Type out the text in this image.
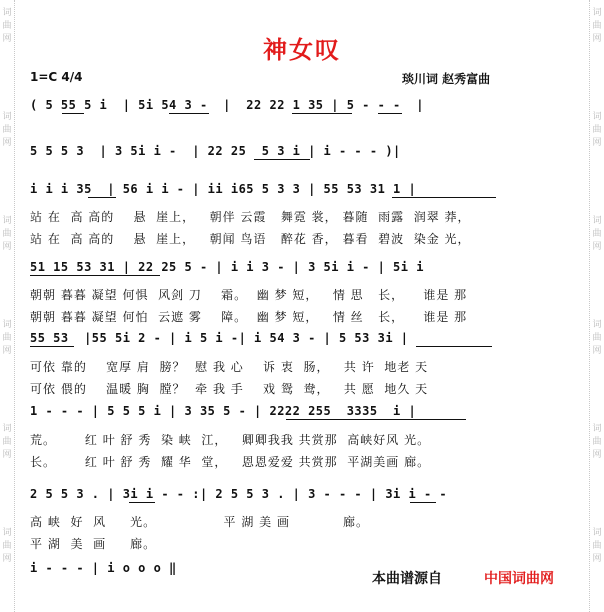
词	词
曲	曲
网	网
词	词
曲	曲
网	网
词	词
曲	曲
网	网
词	词
曲	曲
网	网
词	词
曲	曲
网	网
词	词
曲	曲
网	网
神女叹
1=C 4/4	琰川词 赵秀富曲
( 5 55 5 i  | 5i 54 3 -  |  22 22 1 35 | 5 - - -  |
5 5 5 3  | 3 5i i -  | 22 25  5 3 i | i - - - )|
i i i 35  | 56 i i - | ii i65 5 3 3 | 55 53 31 1 |
51 15 53 31 | 22 25 5 - | i i 3 - | 3 5i i - | 5i i
55 53  |55 5i 2 - | i 5 i -| i 54 3 - | 5 53 3i |
1 - - - | 5 5 5 i | 3 35 5 - | 2222 255  3335  i |
2 5 5 3 . | 3i i - - :| 2 5 5 3 . | 3 - - - | 3i i - -
i - - - | i o o o ‖
站 在  高 高的    悬  崖上，   朝伴 云霞   舞霓 裳， 暮随  雨露  润翠 莽，
站 在  高 高的    悬  崖上，   朝闻 鸟语   醉花 香， 暮看  碧波  染金 光，
朝朝 暮暮 凝望 何惧  风剑 刀    霜。  幽 梦 短，   情 思   长，    谁是 那
朝朝 暮暮 凝望 何怕  云遮 雾    障。  幽 梦 短，   情 丝   长，    谁是 那
可依 靠的    宽厚 肩  膀？  慰 我 心    诉 衷  肠，   共 许  地老 天
可依 偎的    温暖 胸  膛？  牵 我 手    戏 鸳  鸯，   共 愿  地久 天
荒。      红 叶 舒 秀  染 峡  江，   卿卿我我 共赏那  高峡好风 光。
长。      红 叶 舒 秀  耀 华  堂，   恩恩爱爱 共赏那  平湖美画 廊。
高 峡  好  风     光。              平 湖 美 画           廊。
平 湖  美  画     廊。
本曲谱源自	中国词曲网
